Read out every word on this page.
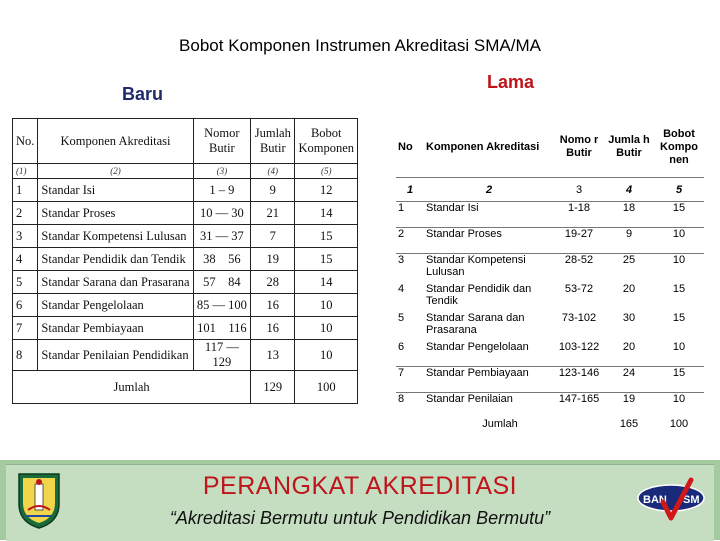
Bobot Komponen Instrumen Akreditasi SMA/MA
Baru
Lama
No.	Komponen Akreditasi	Nomor Butir	Jumlah Butir	Bobot Komponen
(1)	(2)	(3)	(4)	(5)
1	Standar Isi	1 – 9	9	12
2	Standar Proses	10 — 30	21	14
3	Standar Kompetensi Lulusan	31 — 37	7	15
4	Standar Pendidik dan Tendik	38    56	19	15
5	Standar Sarana dan Prasarana	57    84	28	14
6	Standar Pengelolaan	85 — 100	16	10
7	Standar Pembiayaan	101    116	16	10
8	Standar Penilaian Pendidikan	117 — 129	13	10
Jumlah			129	100
No	Komponen Akreditasi	Nomo r Butir	Jumla h Butir	Bobot Kompo nen
1	2	3	4	5
1	Standar Isi	1-18	18	15
2	Standar Proses	19-27	9	10
3	Standar Kompetensi Lulusan	28-52	25	10
4	Standar Pendidik dan Tendik	53-72	20	15
5	Standar Sarana dan Prasarana	73-102	30	15
6	Standar Pengelolaan	103-122	20	10
7	Standar Pembiayaan	123-146	24	15
8	Standar Penilaian	147-165	19	10
Jumlah			165	100
PERANGKAT AKREDITASI
“Akreditasi Bermutu untuk Pendidikan Bermutu”
BAN SM
